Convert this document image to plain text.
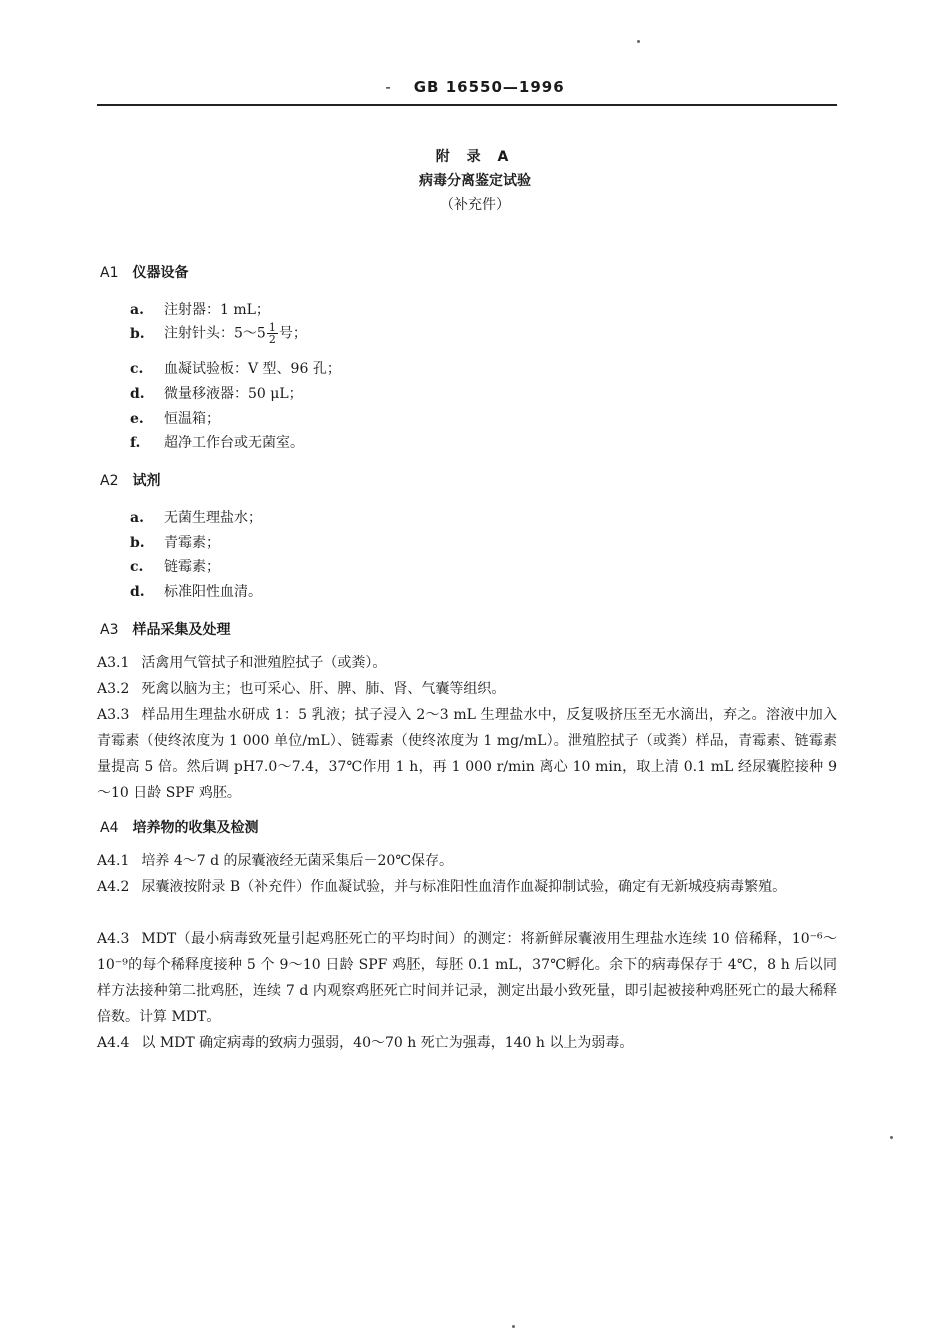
- GB 16550—1996
附 录 A
病毒分离鉴定试验
（补充件）
A1 仪器设备
a. 注射器：1 mL；
b. 注射针头：5～5 $\frac{1}{2}$ 号；
c. 血凝试验板：V 型、96 孔；
d. 微量移液器：50 μL；
e. 恒温箱；
f. 超净工作台或无菌室。
A2 试剂
a. 无菌生理盐水；
b. 青霉素；
c. 链霉素；
d. 标准阳性血清。
A3 样品采集及处理
A3.1 活禽用气管拭子和泄殖腔拭子（或粪）。
A3.2 死禽以脑为主；也可采心、肝、脾、肺、肾、气囊等组织。
A3.3 样品用生理盐水研成 1：5 乳液；拭子浸入 2～3 mL 生理盐水中，反复吸挤压至无水滴出，弃之。溶液中加入青霉素（使终浓度为 1 000 单位/mL）、链霉素（使终浓度为 1 mg/mL）。泄殖腔拭子（或粪）样品，青霉素、链霉素量提高 5 倍。然后调 pH7.0～7.4，37℃作用 1 h，再 1 000 r/min 离心 10 min，取上清 0.1 mL 经尿囊腔接种 9～10 日龄 SPF 鸡胚。
A4 培养物的收集及检测
A4.1 培养 4～7 d 的尿囊液经无菌采集后－20℃保存。
A4.2 尿囊液按附录 B（补充件）作血凝试验，并与标准阳性血清作血凝抑制试验，确定有无新城疫病毒繁殖。
A4.3 MDT（最小病毒致死量引起鸡胚死亡的平均时间）的测定：将新鲜尿囊液用生理盐水连续 10 倍稀释，10⁻⁶～10⁻⁹的每个稀释度接种 5 个 9～10 日龄 SPF 鸡胚，每胚 0.1 mL，37℃孵化。余下的病毒保存于 4℃，8 h 后以同样方法接种第二批鸡胚，连续 7 d 内观察鸡胚死亡时间并记录，测定出最小致死量，即引起被接种鸡胚死亡的最大稀释倍数。计算 MDT。
A4.4 以 MDT 确定病毒的致病力强弱，40～70 h 死亡为强毒，140 h 以上为弱毒。
